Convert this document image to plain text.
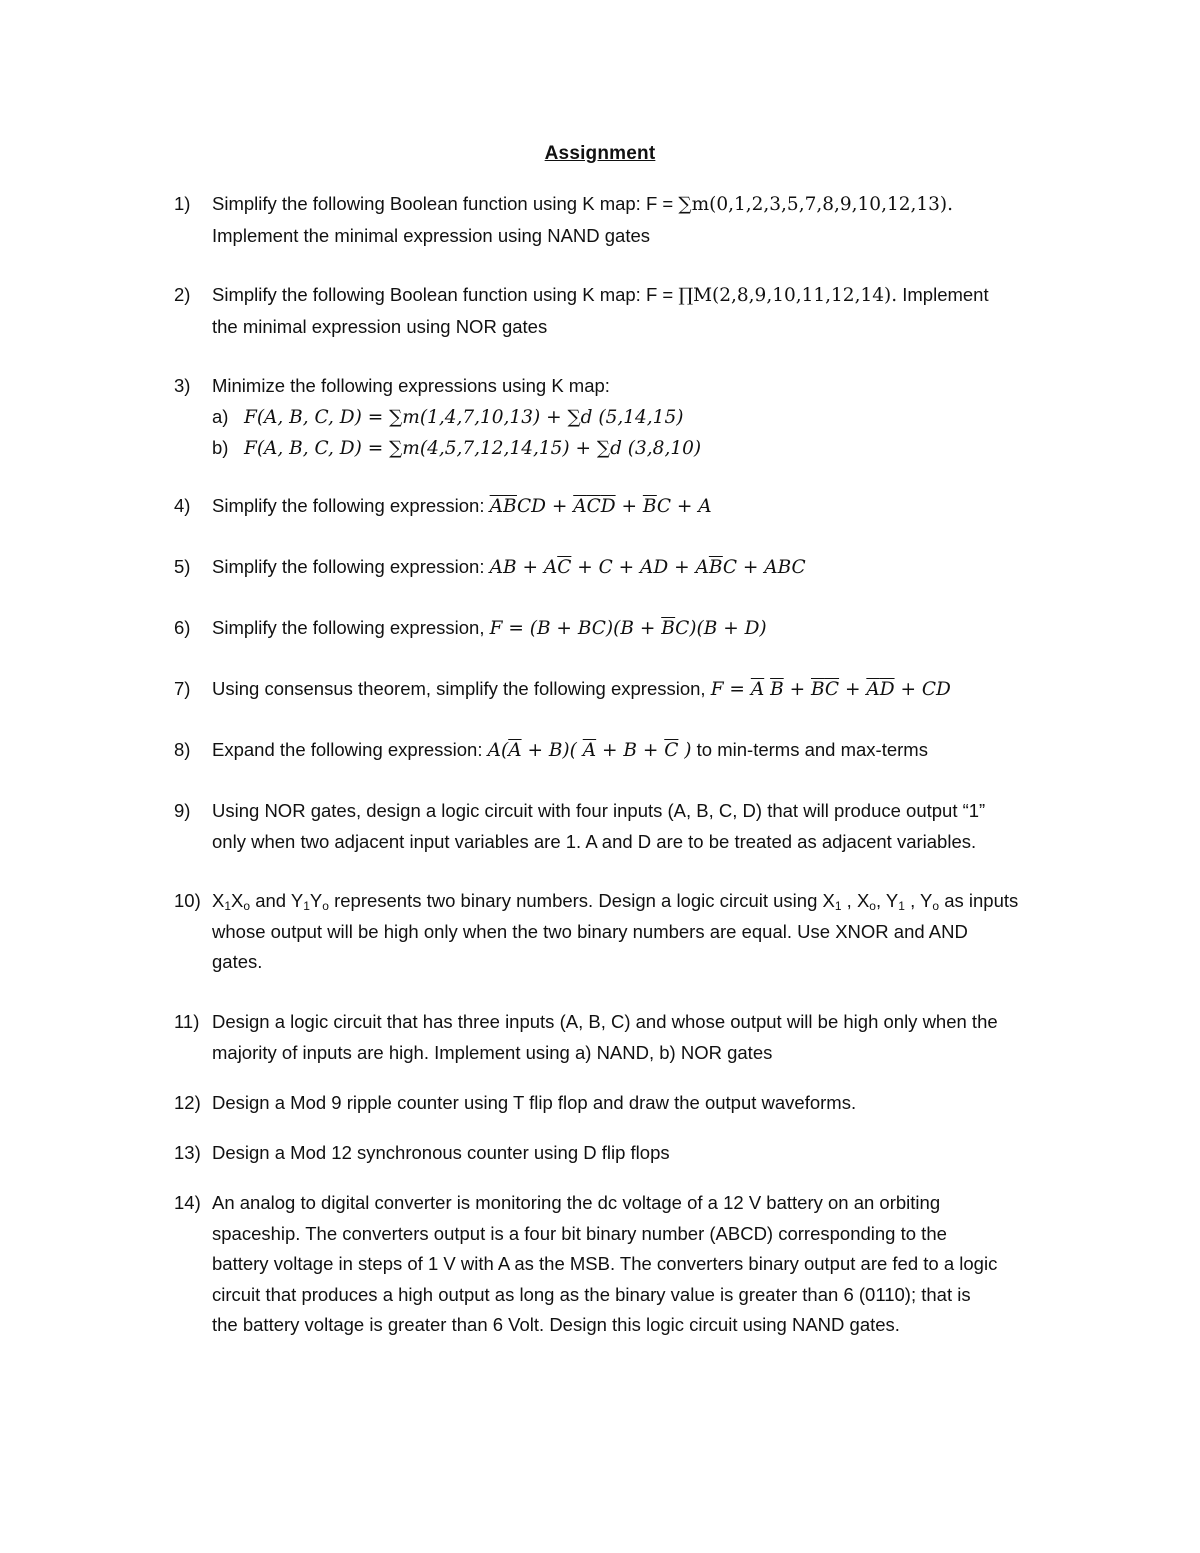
Assignment
1) Simplify the following Boolean function using K map: F = ∑m(0,1,2,3,5,7,8,9,10,12,13).
Implement the minimal expression using NAND gates
2) Simplify the following Boolean function using K map: F = ∏M(2,8,9,10,11,12,14). Implement
the minimal expression using NOR gates
3) Minimize the following expressions using K map:
a) F(A, B, C, D) = ∑m(1,4,7,10,13) + ∑d (5,14,15)
b) F(A, B, C, D) = ∑m(4,5,7,12,14,15) + ∑d (3,8,10)
4) Simplify the following expression: $\overline{A}\overline{B}CD + \overline{A}\overline{C}\overline{D} + \overline{B}C + A$
5) Simplify the following expression: AB + $A\overline{C} + C$ + AD + $A\overline{B}C$ + ABC
6) Simplify the following expression, $F = (B + BC)(B + \overline{B}C)(B + D)$
7) Using consensus theorem, simplify the following expression, $F = \overline{A}$ $\overline{B} + \overline{B}\overline{C} + \overline{A}\overline{D}$ + CD
8) Expand the following expression: $A(\overline{A} + B)$( $\overline{A} + B + \overline{C}$ ) to min-terms and max-terms
9) Using NOR gates, design a logic circuit with four inputs (A, B, C, D) that will produce output “1”
only when two adjacent input variables are 1. A and D are to be treated as adjacent variables.
10) $X_1X_o$ and $Y_1Y_o$ represents two binary numbers. Design a logic circuit using $X_1$ , $X_o$, $Y_1$ , $Y_o$ as inputs
whose output will be high only when the two binary numbers are equal. Use XNOR and AND
gates.
11) Design a logic circuit that has three inputs (A, B, C) and whose output will be high only when the
majority of inputs are high. Implement using a) NAND, b) NOR gates
12) Design a Mod 9 ripple counter using T flip flop and draw the output waveforms.
13) Design a Mod 12 synchronous counter using D flip flops
14) An analog to digital converter is monitoring the dc voltage of a 12 V battery on an orbiting
spaceship. The converters output is a four bit binary number (ABCD) corresponding to the
battery voltage in steps of 1 V with A as the MSB. The converters binary output are fed to a logic
circuit that produces a high output as long as the binary value is greater than 6 (0110); that is
the battery voltage is greater than 6 Volt. Design this logic circuit using NAND gates.
